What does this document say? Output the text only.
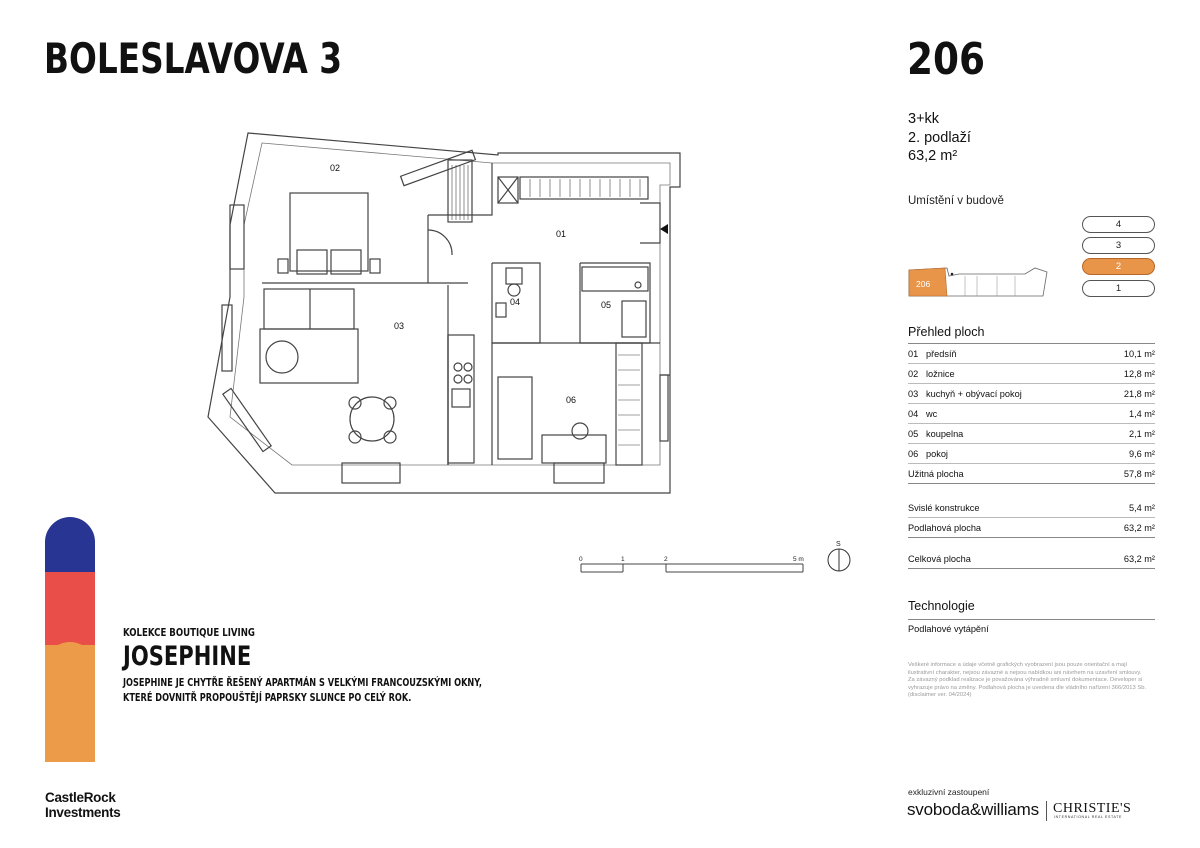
BOLESLAVOVA 3	206
3+kk
2. podlaží
63,2 m²
Umístění v budově
206
4
3
2
1
Přehled ploch
01 předsíň	10,1 m²
02 ložnice	12,8 m²
03 kuchyň + obývací pokoj	21,8 m²
04 wc	1,4 m²
05 koupelna	2,1 m²
06 pokoj	9,6 m²
Užitná plocha	57,8 m²
Svislé konstrukce	5,4 m²
Podlahová plocha	63,2 m²
Celková plocha	63,2 m²
Technologie
Podlahové vytápění
Veškeré informace a údaje včetně grafických vyobrazení jsou pouze orientační a mají ilustrativní charakter, nejsou závazné a nejsou nabídkou ani návrhem na uzavření smlouvy. Za závazný podklad realizace je považována výhradně smluvní dokumentace. Developer si vyhrazuje právo na změny. Podlahová plocha je uvedena dle vládního nařízení 366/2013 Sb. (disclaimer ver. 04/2024)
01
02
03
04	05
06
0	1	2	5 m
S
KOLEKCE BOUTIQUE LIVING
JOSEPHINE
JOSEPHINE JE CHYTŘE ŘEŠENÝ APARTMÁN S VELKÝMI FRANCOUZSKÝMI OKNY,
KTERÉ DOVNITŘ PROPOUŠTĚJÍ PAPRSKY SLUNCE PO CELÝ ROK.
CastleRock
Investments
exkluzivní zastoupení
svoboda&williams CHRISTIE'S
INTERNATIONAL REAL ESTATE
